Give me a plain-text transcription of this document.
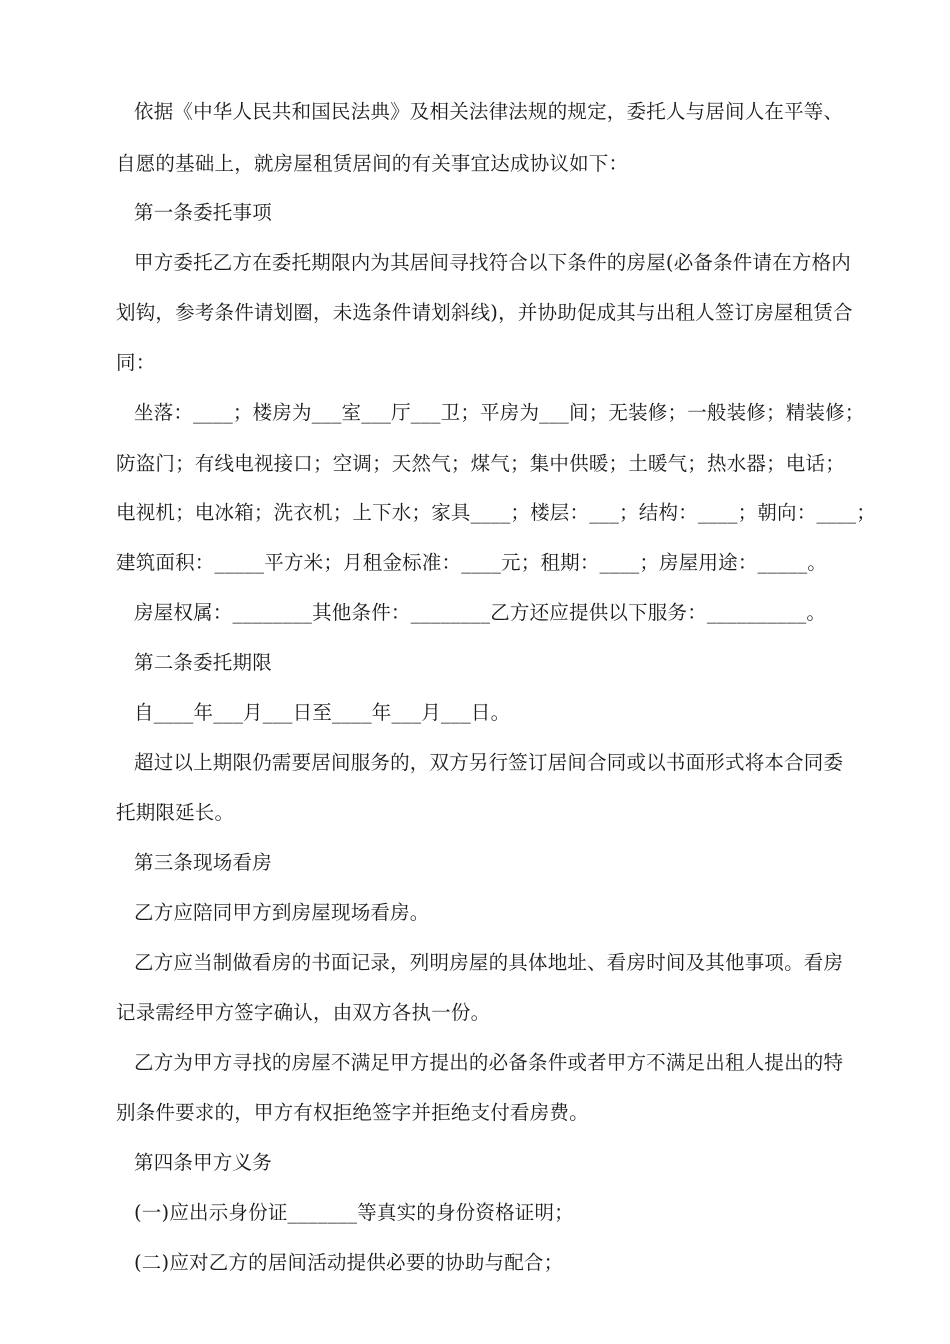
依据《中华人民共和国民法典》及相关法律法规的规定，委托人与居间人在平等、
自愿的基础上，就房屋租赁居间的有关事宜达成协议如下：
第一条委托事项
甲方委托乙方在委托期限内为其居间寻找符合以下条件的房屋(必备条件请在方格内
划钩，参考条件请划圈，未选条件请划斜线)，并协助促成其与出租人签订房屋租赁合
同：
坐落：____；楼房为___室___厅___卫；平房为___间；无装修；一般装修；精装修；
防盗门；有线电视接口；空调；天然气；煤气；集中供暖；土暖气；热水器；电话；
电视机；电冰箱；洗衣机；上下水；家具____；楼层：___；结构：____；朝向：____；
建筑面积：_____平方米；月租金标准：____元；租期：____；房屋用途：_____。
房屋权属：________其他条件：________乙方还应提供以下服务：__________。
第二条委托期限
自____年___月___日至____年___月___日。
超过以上期限仍需要居间服务的，双方另行签订居间合同或以书面形式将本合同委
托期限延长。
第三条现场看房
乙方应陪同甲方到房屋现场看房。
乙方应当制做看房的书面记录，列明房屋的具体地址、看房时间及其他事项。看房
记录需经甲方签字确认，由双方各执一份。
乙方为甲方寻找的房屋不满足甲方提出的必备条件或者甲方不满足出租人提出的特
别条件要求的，甲方有权拒绝签字并拒绝支付看房费。
第四条甲方义务
(一)应出示身份证_______等真实的身份资格证明；
(二)应对乙方的居间活动提供必要的协助与配合；
